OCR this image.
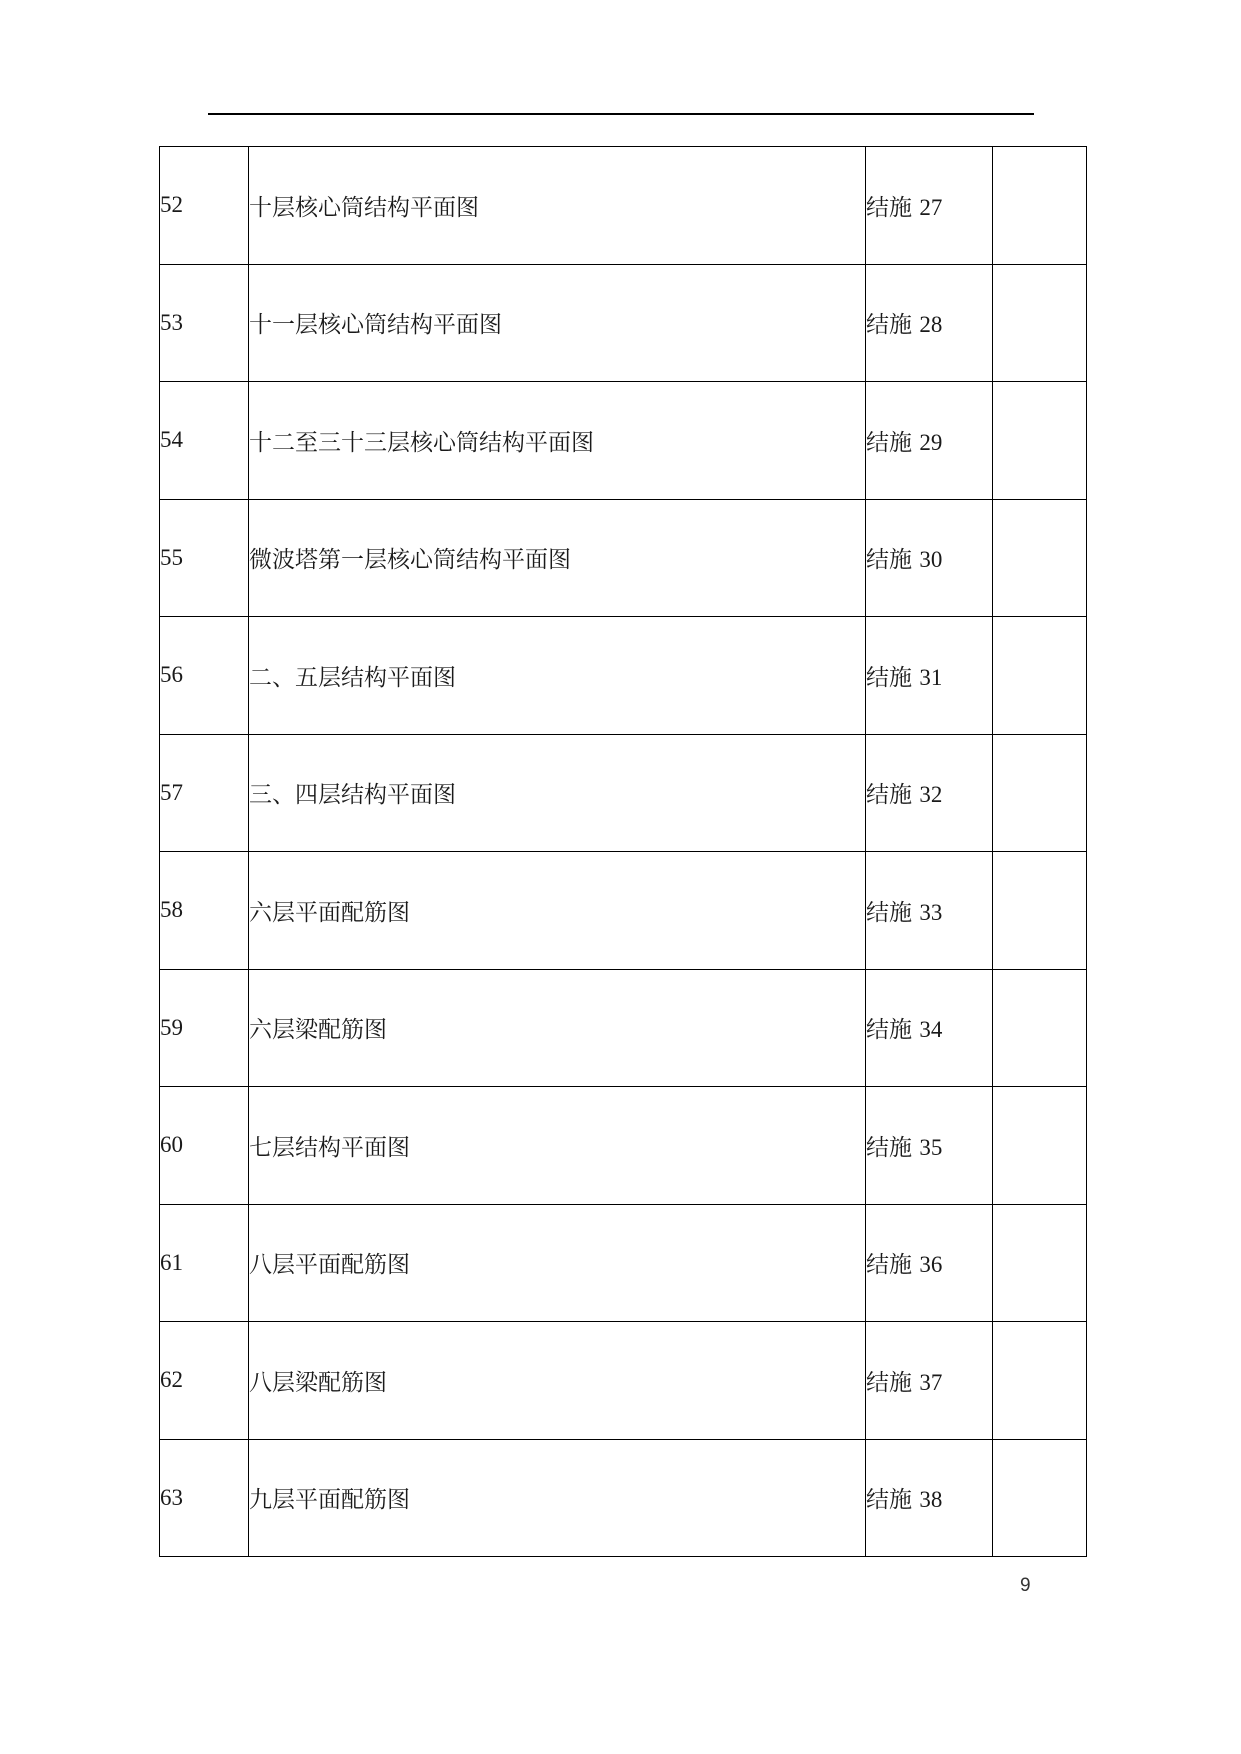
52	十层核心筒结构平面图	结施 27	
53	十一层核心筒结构平面图	结施 28	
54	十二至三十三层核心筒结构平面图	结施 29	
55	微波塔第一层核心筒结构平面图	结施 30	
56	二、五层结构平面图	结施 31	
57	三、四层结构平面图	结施 32	
58	六层平面配筋图	结施 33	
59	六层梁配筋图	结施 34	
60	七层结构平面图	结施 35	
61	八层平面配筋图	结施 36	
62	八层梁配筋图	结施 37	
63	九层平面配筋图	结施 38	
9
